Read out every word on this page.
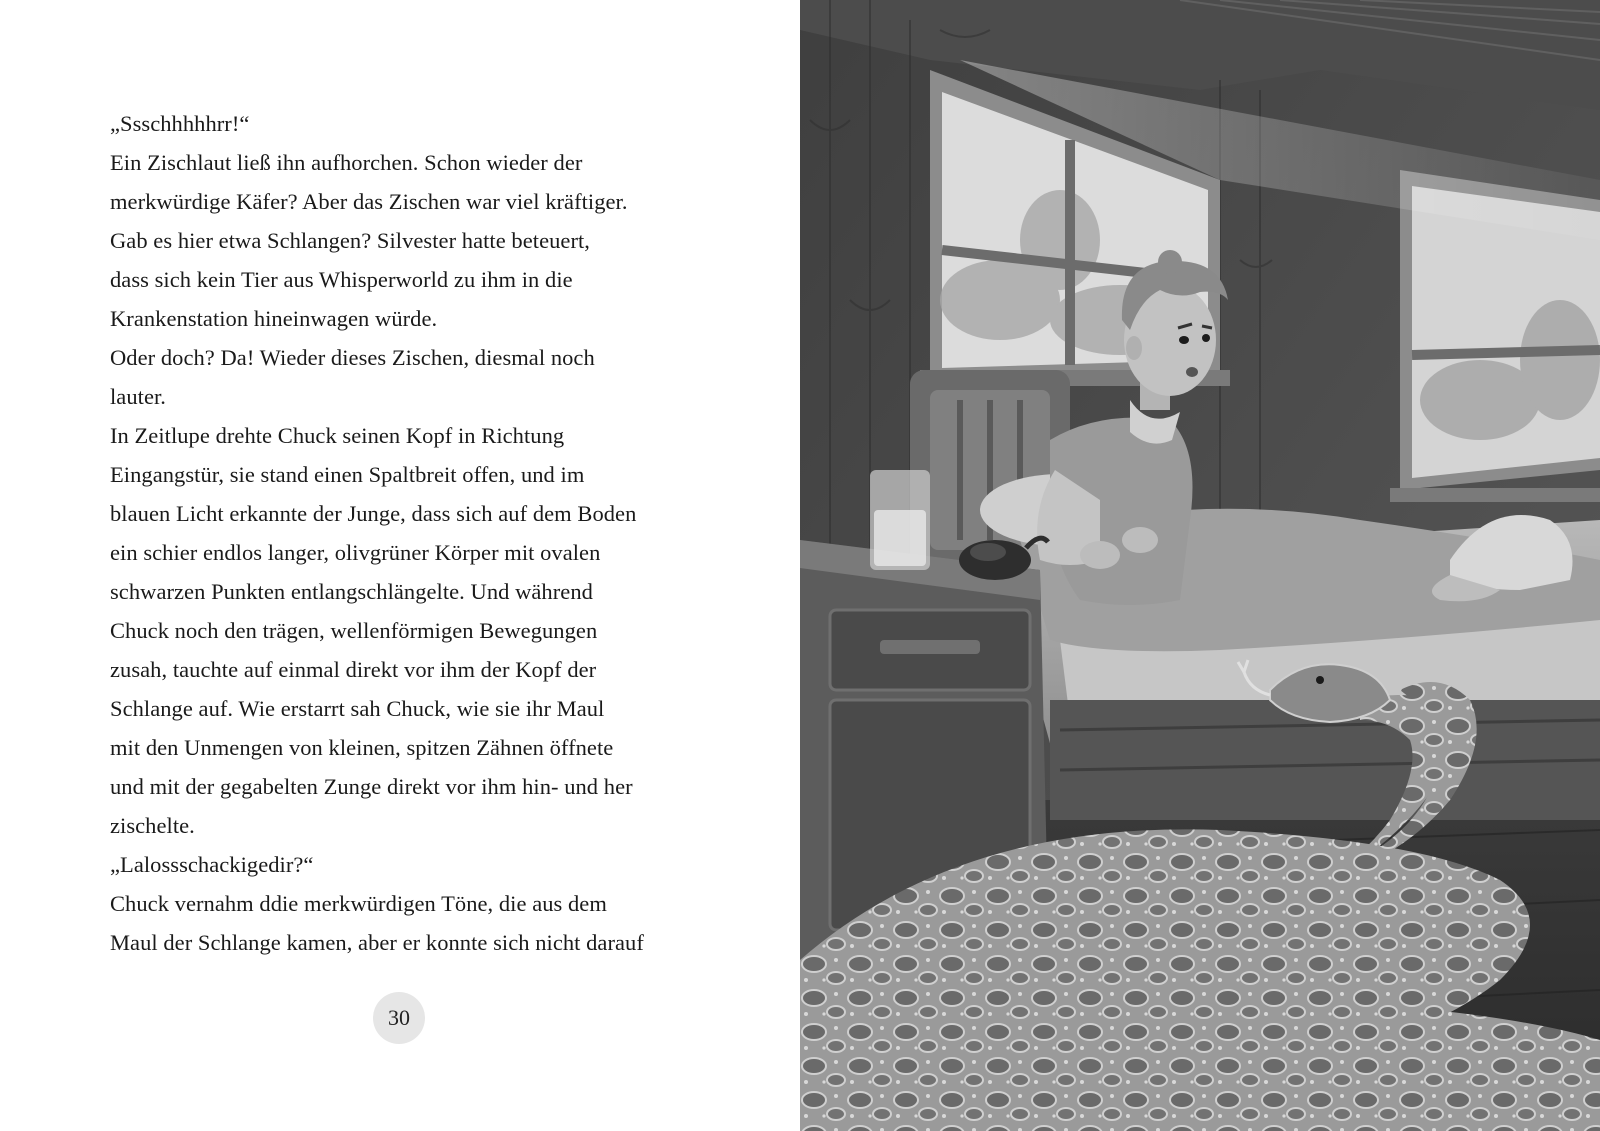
„Ssschhhhhrr!“
Ein Zischlaut ließ ihn aufhorchen. Schon wieder der
merkwürdige Käfer? Aber das Zischen war viel kräftiger.
Gab es hier etwa Schlangen? Silvester hatte beteuert,
dass sich kein Tier aus Whisperworld zu ihm in die
Krankenstation hineinwagen würde.
Oder doch? Da! Wieder dieses Zischen, diesmal noch
lauter.
In Zeitlupe drehte Chuck seinen Kopf in Richtung
Eingangstür, sie stand einen Spaltbreit offen, und im
blauen Licht erkannte der Junge, dass sich auf dem Boden
ein schier endlos langer, olivgrüner Körper mit ovalen
schwarzen Punkten entlangschlängelte. Und während
Chuck noch den trägen, wellenförmigen Bewegungen
zusah, tauchte auf einmal direkt vor ihm der Kopf der
Schlange auf. Wie erstarrt sah Chuck, wie sie ihr Maul
mit den Unmengen von kleinen, spitzen Zähnen öffnete
und mit der gegabelten Zunge direkt vor ihm hin- und her
zischelte.
„Lalossschackigedir?“
Chuck vernahm ddie merkwürdigen Töne, die aus dem
Maul der Schlange kamen, aber er konnte sich nicht darauf
30
